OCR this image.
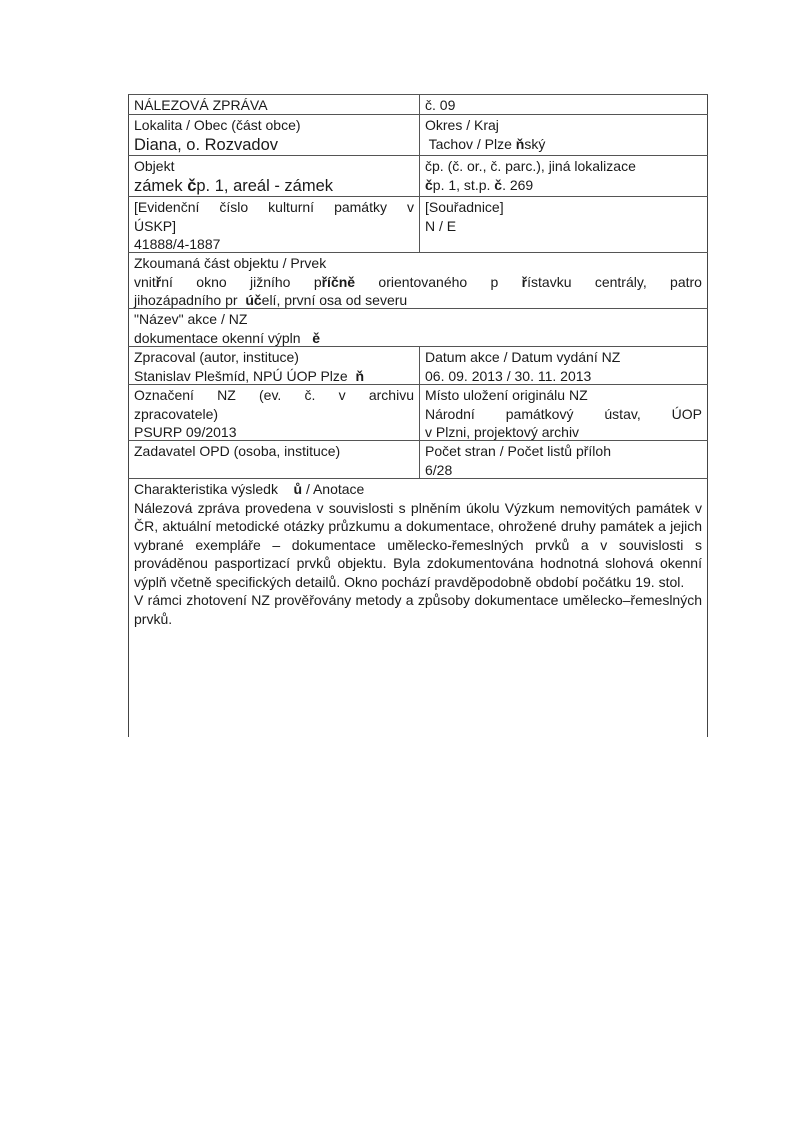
NÁLEZOVÁ ZPRÁVA	č. 09
Lokalita / Obec (část obce)
Diana, o. Rozvadov
Okres / Kraj
Tachov / Plze ňský
Objekt
zámek čp. 1, areál - zámek
čp. (č. or., č. parc.), jiná lokalizace
čp. 1, st.p. č. 269
[Evidenční číslo kulturní památky v
ÚSKP]
41888/4-1887
[Souřadnice]
N / E
Zkoumaná část objektu / Prvek
vnitřní okno jižního příčně orientovaného p řístavku centrály, patro
jihozápadního pr  účelí, první osa od severu
"Název" akce / NZ
dokumentace okenní výpln   ě
Zpracoval (autor, instituce)
Stanislav Plešmíd, NPÚ ÚOP Plze  ň
Datum akce / Datum vydání NZ
06. 09. 2013 / 30. 11. 2013
Označení NZ (ev. č. v archivu
zpracovatele)
PSURP 09/2013
Místo uložení originálu NZ
Národní památkový ústav, ÚOP
v Plzni, projektový archiv
Zadavatel OPD (osoba, instituce)	Počet stran / Počet listů příloh
6/28
Charakteristika výsledk    ů / Anotace
Nálezová zpráva provedena v souvislosti s plněním úkolu Výzkum nemovitých památek v ČR, aktuální metodické otázky průzkumu a dokumentace, ohrožené druhy památek a jejich vybrané exempláře – dokumentace umělecko-řemeslných prvků a v souvislosti s prováděnou pasportizací prvků objektu. Byla zdokumentována hodnotná slohová okenní výplň včetně specifických detailů. Okno pochází pravděpodobně období počátku 19. stol.
V rámci zhotovení NZ prověřovány metody a způsoby dokumentace umělecko–řemeslných prvků.
